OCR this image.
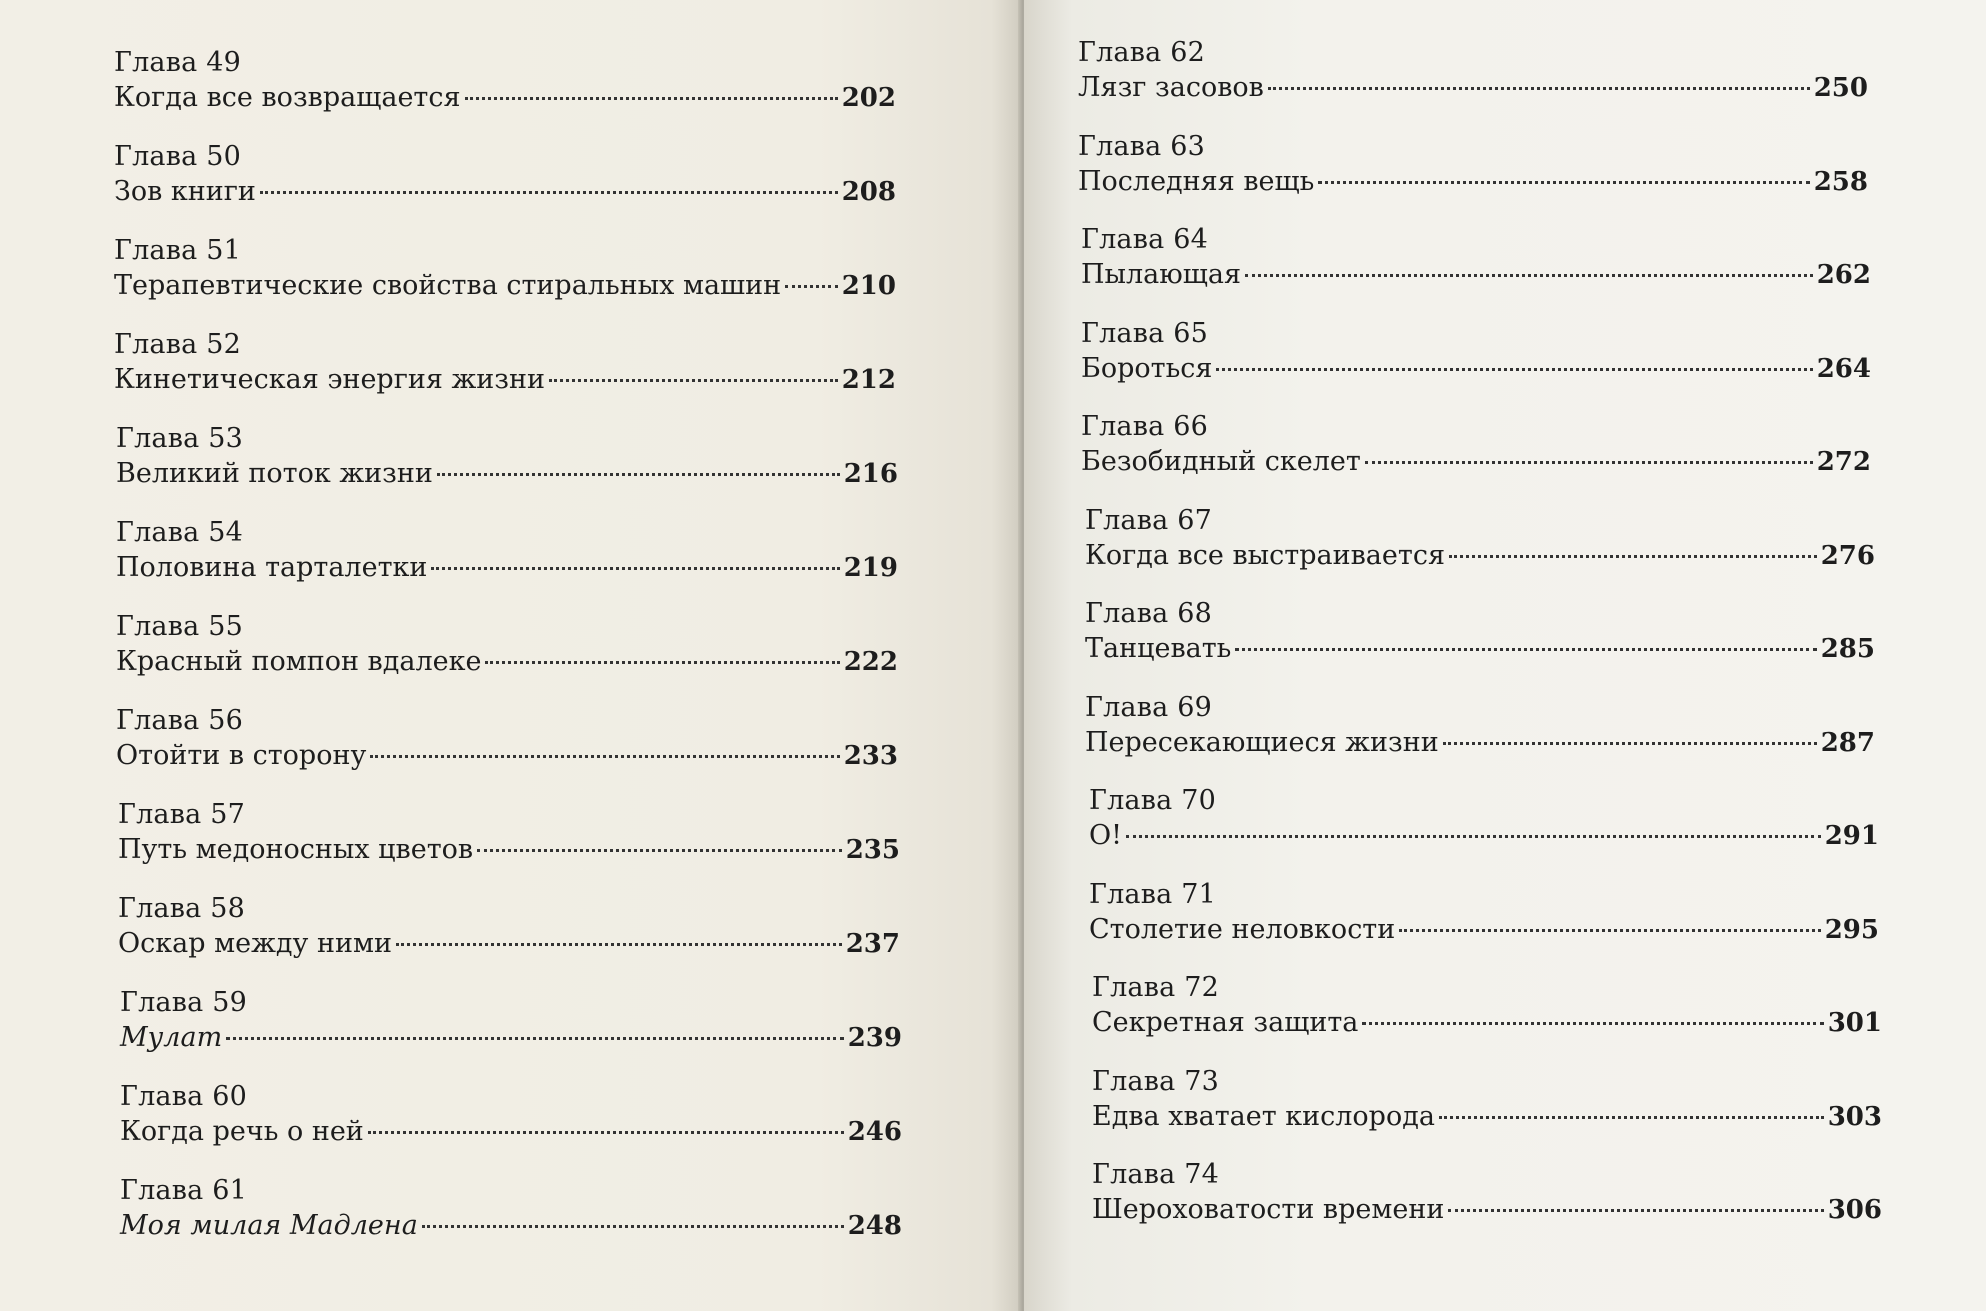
Глава 49
Когда все возвращается	202
Глава 50
Зов книги	208
Глава 51
Терапевтические свойства стиральных машин 210
Глава 52
Кинетическая энергия жизни	212
Глава 53
Великий поток жизни	216
Глава 54
Половина тарталетки	219
Глава 55
Красный помпон вдалеке	222
Глава 56
Отойти в сторону	233
Глава 57
Путь медоносных цветов	235
Глава 58
Оскар между ними	237
Глава 59
Мулат	239
Глава 60
Когда речь о ней	246
Глава 61
Моя милая Мадлена	248
Глава 62
Лязг засовов	250
Глава 63
Последняя вещь	258
Глава 64
Пылающая	262
Глава 65
Бороться	264
Глава 66
Безобидный скелет	272
Глава 67
Когда все выстраивается	276
Глава 68
Танцевать	285
Глава 69
Пересекающиеся жизни	287
Глава 70
О!	291
Глава 71
Столетие неловкости	295
Глава 72
Секретная защита	301
Глава 73
Едва хватает кислорода	303
Глава 74
Шероховатости времени	306
